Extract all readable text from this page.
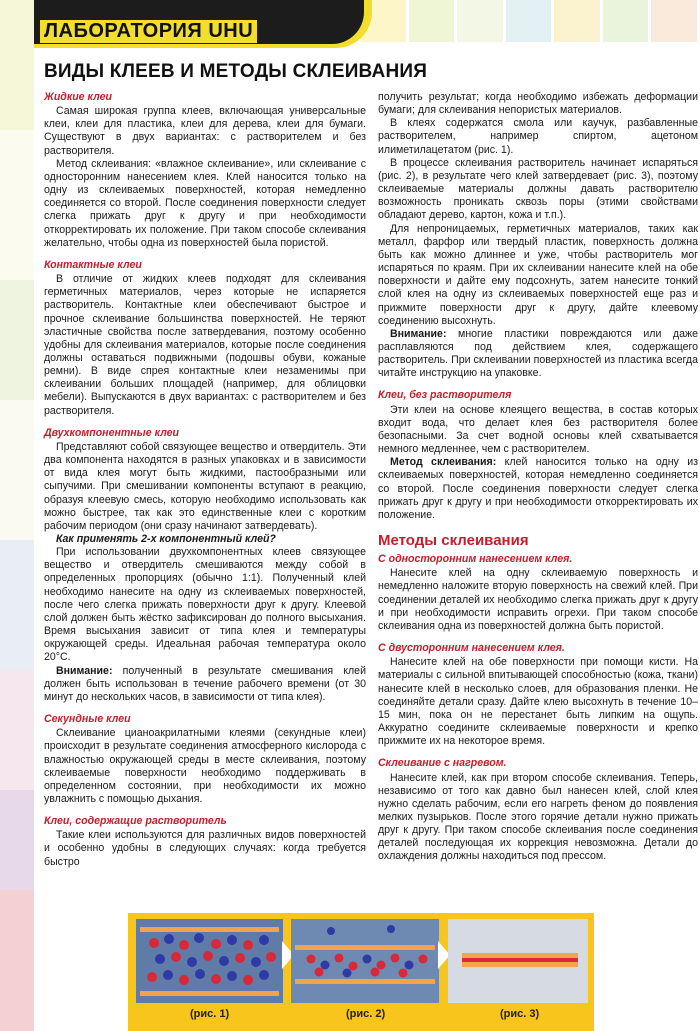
ЛАБОРАТОРИЯ UHU
ВИДЫ КЛЕЕВ И МЕТОДЫ СКЛЕИВАНИЯ
Жидкие клеи

Самая широкая группа клеев, включающая универсальные клеи, клеи для пластика, клеи для дерева, клеи для бумаги. Существуют в двух вариантах: с растворителем и без растворителя.

Метод склеивания: «влажное склеивание», или склеивание с односторонним нанесением клея. Клей наносится только на одну из склеиваемых поверхностей, которая немедленно соединяется со второй. После соединения поверхности следует слегка прижать друг к другу и при необходимости откорректировать их положение. При таком способе склеивания желательно, чтобы одна из поверхностей была пористой.

Контактные клеи

В отличие от жидких клеев подходят для склеивания герметичных материалов, через которые не испаряется растворитель. Контактные клеи обеспечивают быстрое и прочное склеивание большинства поверхностей. Не теряют эластичные свойства после затвердевания, поэтому особенно удобны для склеивания материалов, которые после соединения должны оставаться подвижными (подошвы обуви, кожаные ремни). В виде спрея контактные клеи незаменимы при склеивании больших площадей (например, для облицовки мебели). Выпускаются в двух вариантах: с растворителем и без растворителя.

Двухкомпонентные клеи

Представляют собой связующее вещество и отвердитель. Эти два компонента находятся в разных упаковках и в зависимости от вида клея могут быть жидкими, пастообразными или сыпучими. При смешивании компоненты вступают в реакцию, образуя клеевую смесь, которую необходимо использовать как можно быстрее, так как это единственные клеи с коротким рабочим периодом (они сразу начинают затвердевать).

Как применять 2-х компонентный клей?

При использовании двухкомпонентных клеев связующее вещество и отвердитель смешиваются между собой в определенных пропорциях (обычно 1:1). Полученный клей необходимо нанесите на одну из склеиваемых поверхностей, после чего слегка прижать поверхности друг к другу. Клеевой слой должен быть жёстко зафиксирован до полного высыхания. Время высыхания зависит от типа клея и температуры окружающей среды. Идеальная рабочая температура около 20°С.

Внимание: полученный в результате смешивания клей должен быть использован в течение рабочего времени (от 30 минут до нескольких часов, в зависимости от типа клея).

Секундные клеи

Склеивание цианоакрилатными клеями (секундные клеи) происходит в результате соединения атмосферного кислорода с влажностью окружающей среды в месте склеивания, поэтому склеиваемые поверхности необходимо поддерживать в определенном состоянии, при необходимости их можно увлажнить с помощью дыхания.

Клеи, содержащие растворитель

Такие клеи используются для различных видов поверхностей и особенно удобны в следующих случаях: когда требуется быстро

получить результат; когда необходимо избежать деформации бумаги; для склеивания непористых материалов.

В клеях содержатся смола или каучук, разбавленные растворителем, например спиртом, ацетоном илиметилацетатом (рис. 1).

В процессе склеивания растворитель начинает испаряться (рис. 2), в результате чего клей затвердевает (рис. 3), поэтому склеиваемые материалы должны давать растворителю возможность проникать сквозь поры (этими свойствами обладают дерево, картон, кожа и т.п.).

Для непроницаемых, герметичных материалов, таких как металл, фарфор или твердый пластик, поверхность должна быть как можно длиннее и уже, чтобы растворитель мог испаряться по краям. При их склеивании нанесите клей на обе поверхности и дайте ему подсохнуть, затем нанесите тонкий слой клея на одну из склеиваемых поверхностей еще раз и прижмите поверхности друг к другу, дайте клеевому соединению высохнуть.

Внимание: многие пластики повреждаются или даже расплавляются под действием клея, содержащего растворитель. При склеивании поверхностей из пластика всегда читайте инструкцию на упаковке.

Клеи, без растворителя

Эти клеи на основе клеящего вещества, в состав которых входит вода, что делает клея без растворителя более безопасными. За счет водной основы клей схватывается немного медленнее, чем с растворителем.

Метод склеивания: клей наносится только на одну из склеиваемых поверхностей, которая немедленно соединяется со второй. После соединения поверхности следует слегка прижать друг к другу и при необходимости откорректировать их положение.

Методы склеивания
С односторонним нанесением клея.

Нанесите клей на одну склеиваемую поверхность и немедленно наложите вторую поверхность на свежий клей. При соединении деталей их необходимо слегка прижать друг к другу и при необходимости исправить огрехи. При таком способе склеивания одна из поверхностей должна быть пористой.

С двусторонним нанесением клея.

Нанесите клей на обе поверхности при помощи кисти. На материалы с сильной впитывающей способностью (кожа, ткани) нанесите клей в несколько слоев, для образования пленки. Не соединяйте детали сразу. Дайте клею высохнуть в течение 10–15 мин, пока он не перестанет быть липким на ощупь. Аккуратно соедините склеиваемые поверхности и крепко прижмите их на некоторое время.

Склеивание с нагревом.

Нанесите клей, как при втором способе склеивания. Теперь, независимо от того как давно был нанесен клей, слой клея нужно сделать рабочим, если его нагреть феном до появления мелких пузырьков. После этого горячие детали нужно прижать друг к другу. При таком способе склеивания после соединения деталей последующая их коррекция невозможна. Детали до охлаждения должны находиться под прессом.

(рис. 1)	(рис. 2)	(рис. 3)
